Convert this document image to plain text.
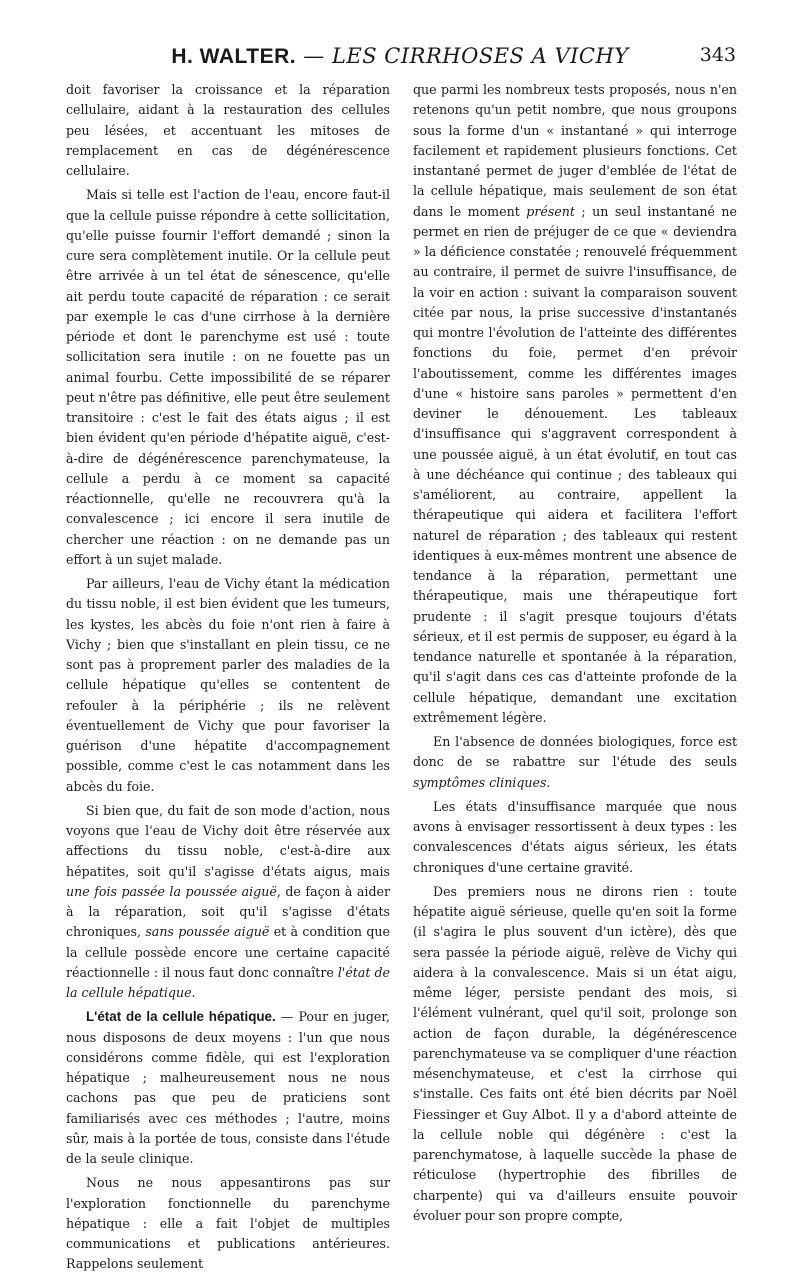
H. WALTER. — LES CIRRHOSES A VICHY	343

doit favoriser la croissance et la réparation cellulaire, aidant à la restauration des cellules peu lésées, et accentuant les mitoses de remplacement en cas de dégénérescence cellulaire.

Mais si telle est l'action de l'eau, encore faut-il que la cellule puisse répondre à cette sollicitation, qu'elle puisse fournir l'effort demandé ; sinon la cure sera complètement inutile. Or la cellule peut être arrivée à un tel état de sénescence, qu'elle ait perdu toute capacité de réparation : ce serait par exemple le cas d'une cirrhose à la dernière période et dont le parenchyme est usé : toute sollicitation sera inutile : on ne fouette pas un animal fourbu. Cette impossibilité de se réparer peut n'être pas définitive, elle peut être seulement transitoire : c'est le fait des états aigus ; il est bien évident qu'en période d'hépatite aiguë, c'est-à-dire de dégénérescence parenchymateuse, la cellule a perdu à ce moment sa capacité réactionnelle, qu'elle ne recouvrera qu'à la convalescence ; ici encore il sera inutile de chercher une réaction : on ne demande pas un effort à un sujet malade.

Par ailleurs, l'eau de Vichy étant la médication du tissu noble, il est bien évident que les tumeurs, les kystes, les abcès du foie n'ont rien à faire à Vichy ; bien que s'installant en plein tissu, ce ne sont pas à proprement parler des maladies de la cellule hépatique qu'elles se contentent de refouler à la périphérie ; ils ne relèvent éventuellement de Vichy que pour favoriser la guérison d'une hépatite d'accompagnement possible, comme c'est le cas notamment dans les abcès du foie.

Si bien que, du fait de son mode d'action, nous voyons que l'eau de Vichy doit être réservée aux affections du tissu noble, c'est-à-dire aux hépatites, soit qu'il s'agisse d'états aigus, mais une fois passée la poussée aiguë, de façon à aider à la réparation, soit qu'il s'agisse d'états chroniques, sans poussée aiguë et à condition que la cellule possède encore une certaine capacité réactionnelle : il nous faut donc connaître l'état de la cellule hépatique.

L'état de la cellule hépatique. — Pour en juger, nous disposons de deux moyens : l'un que nous considérons comme fidèle, qui est l'exploration hépatique ; malheureusement nous ne nous cachons pas que peu de praticiens sont familiarisés avec ces méthodes ; l'autre, moins sûr, mais à la portée de tous, consiste dans l'étude de la seule clinique.

Nous ne nous appesantirons pas sur l'exploration fonctionnelle du parenchyme hépatique : elle a fait l'objet de multiples communications et publications antérieures. Rappelons seulement

que parmi les nombreux tests proposés, nous n'en retenons qu'un petit nombre, que nous groupons sous la forme d'un « instantané » qui interroge facilement et rapidement plusieurs fonctions. Cet instantané permet de juger d'emblée de l'état de la cellule hépatique, mais seulement de son état dans le moment présent ; un seul instantané ne permet en rien de préjuger de ce que « deviendra » la déficience constatée ; renouvelé fréquemment au contraire, il permet de suivre l'insuffisance, de la voir en action : suivant la comparaison souvent citée par nous, la prise successive d'instantanés qui montre l'évolution de l'atteinte des différentes fonctions du foie, permet d'en prévoir l'aboutissement, comme les différentes images d'une « histoire sans paroles » permettent d'en deviner le dénouement. Les tableaux d'insuffisance qui s'aggravent correspondent à une poussée aiguë, à un état évolutif, en tout cas à une déchéance qui continue ; des tableaux qui s'améliorent, au contraire, appellent la thérapeutique qui aidera et facilitera l'effort naturel de réparation ; des tableaux qui restent identiques à eux-mêmes montrent une absence de tendance à la réparation, permettant une thérapeutique, mais une thérapeutique fort prudente : il s'agit presque toujours d'états sérieux, et il est permis de supposer, eu égard à la tendance naturelle et spontanée à la réparation, qu'il s'agit dans ces cas d'atteinte profonde de la cellule hépatique, demandant une excitation extrêmement légère.

En l'absence de données biologiques, force est donc de se rabattre sur l'étude des seuls symptômes cliniques.

Les états d'insuffisance marquée que nous avons à envisager ressortissent à deux types : les convalescences d'états aigus sérieux, les états chroniques d'une certaine gravité.

Des premiers nous ne dirons rien : toute hépatite aiguë sérieuse, quelle qu'en soit la forme (il s'agira le plus souvent d'un ictère), dès que sera passée la période aiguë, relève de Vichy qui aidera à la convalescence. Mais si un état aigu, même léger, persiste pendant des mois, si l'élément vulnérant, quel qu'il soit, prolonge son action de façon durable, la dégénérescence parenchymateuse va se compliquer d'une réaction mésenchymateuse, et c'est la cirrhose qui s'installe. Ces faits ont été bien décrits par Noël Fiessinger et Guy Albot. Il y a d'abord atteinte de la cellule noble qui dégénère : c'est la parenchymatose, à laquelle succède la phase de réticulose (hypertrophie des fibrilles de charpente) qui va d'ailleurs ensuite pouvoir évoluer pour son propre compte,
